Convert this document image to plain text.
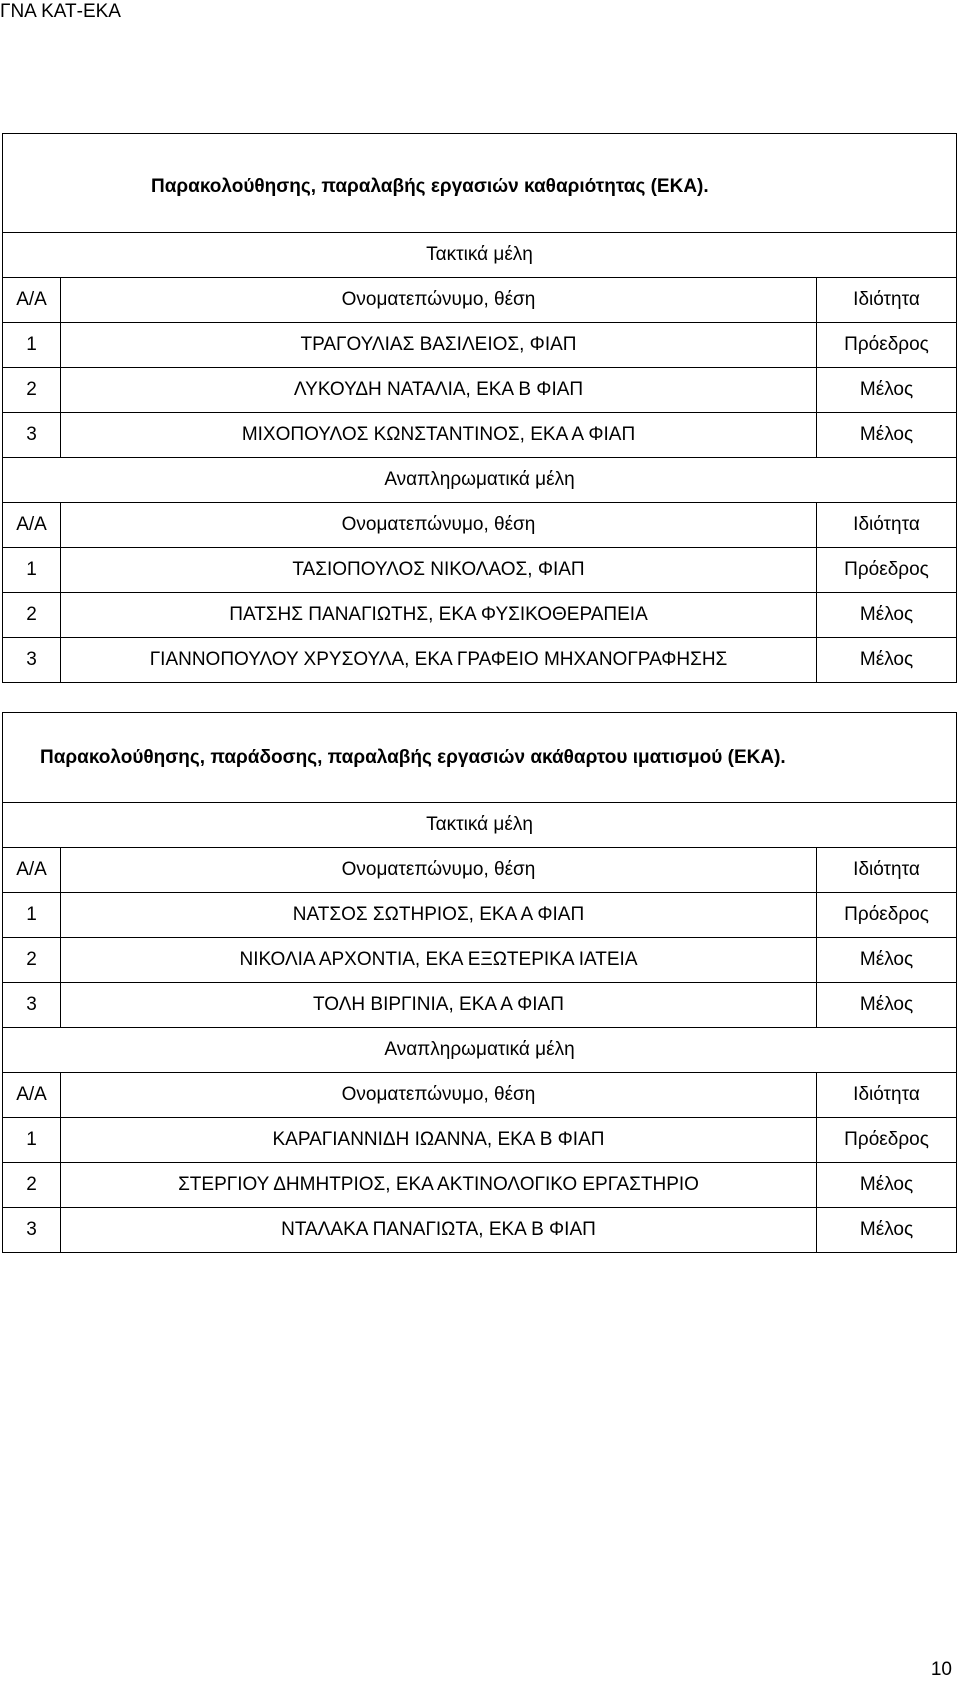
ΓΝΑ ΚΑΤ-ΕΚΑ
Παρακολούθησης, παραλαβής εργασιών καθαριότητας (ΕΚΑ).		
Τακτικά μέλη		
Α/Α	Ονοματεπώνυμο, θέση	Ιδιότητα
1	ΤΡΑΓΟΥΛΙΑΣ ΒΑΣΙΛΕΙΟΣ, ΦΙΑΠ	Πρόεδρος
2	ΛΥΚΟΥΔΗ ΝΑΤΑΛΙΑ, ΕΚΑ Β ΦΙΑΠ	Μέλος
3	ΜΙΧΟΠΟΥΛΟΣ ΚΩΝΣΤΑΝΤΙΝΟΣ, ΕΚΑ Α ΦΙΑΠ	Μέλος
Αναπληρωματικά μέλη		
Α/Α	Ονοματεπώνυμο, θέση	Ιδιότητα
1	ΤΑΣΙΟΠΟΥΛΟΣ ΝΙΚΟΛΑΟΣ, ΦΙΑΠ	Πρόεδρος
2	ΠΑΤΣΗΣ ΠΑΝΑΓΙΩΤΗΣ, ΕΚΑ ΦΥΣΙΚΟΘΕΡΑΠΕΙΑ	Μέλος
3	ΓΙΑΝΝΟΠΟΥΛΟΥ ΧΡΥΣΟΥΛΑ, ΕΚΑ ΓΡΑΦΕΙΟ ΜΗΧΑΝΟΓΡΑΦΗΣΗΣ	Μέλος
Παρακολούθησης, παράδοσης, παραλαβής εργασιών ακάθαρτου ιματισμού (ΕΚΑ).		
Τακτικά μέλη		
Α/Α	Ονοματεπώνυμο, θέση	Ιδιότητα
1	ΝΑΤΣΟΣ ΣΩΤΗΡΙΟΣ, ΕΚΑ Α ΦΙΑΠ	Πρόεδρος
2	ΝΙΚΟΛΙΑ ΑΡΧΟΝΤΙΑ, ΕΚΑ ΕΞΩΤΕΡΙΚΑ ΙΑΤΕΙΑ	Μέλος
3	ΤΟΛΗ ΒΙΡΓΙΝΙΑ, ΕΚΑ Α ΦΙΑΠ	Μέλος
Αναπληρωματικά μέλη		
Α/Α	Ονοματεπώνυμο, θέση	Ιδιότητα
1	ΚΑΡΑΓΙΑΝΝΙΔΗ ΙΩΑΝΝΑ, ΕΚΑ Β ΦΙΑΠ	Πρόεδρος
2	ΣΤΕΡΓΙΟΥ ΔΗΜΗΤΡΙΟΣ, ΕΚΑ ΑΚΤΙΝΟΛΟΓΙΚΟ ΕΡΓΑΣΤΗΡΙΟ	Μέλος
3	ΝΤΑΛΑΚΑ ΠΑΝΑΓΙΩΤΑ, ΕΚΑ Β ΦΙΑΠ	Μέλος
10
